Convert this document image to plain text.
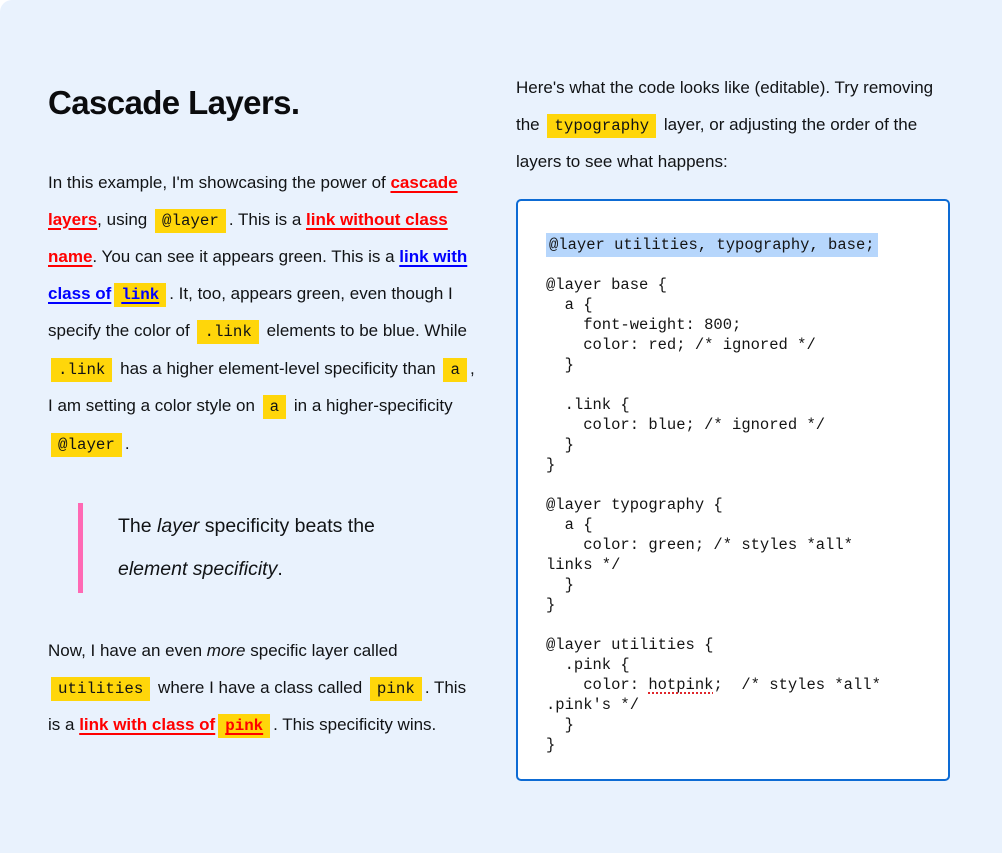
Cascade Layers.

In this example, I'm showcasing the power of cascade layers, using @layer . This is a link without class name. You can see it appears green. This is a link with class of link . It, too, appears green, even though I specify the color of .link elements to be blue. While .link has a higher element-level specificity than a , I am setting a color style on a in a higher-specificity @layer .

The layer specificity beats the element specificity.

Now, I have an even more specific layer called utilities where I have a class called pink . This is a link with class of pink . This specificity wins.

Here's what the code looks like (editable). Try removing the typography layer, or adjusting the order of the layers to see what happens:

@layer utilities, typography, base;

@layer base {
a {
font-weight: 800;
color: red; /* ignored */
}

.link {
color: blue; /* ignored */
}
}

@layer typography {
a {
color: green; /* styles *all*
links */
}
}

@layer utilities {
.pink {
color: hotpink;  /* styles *all*
.pink's */
}
}
